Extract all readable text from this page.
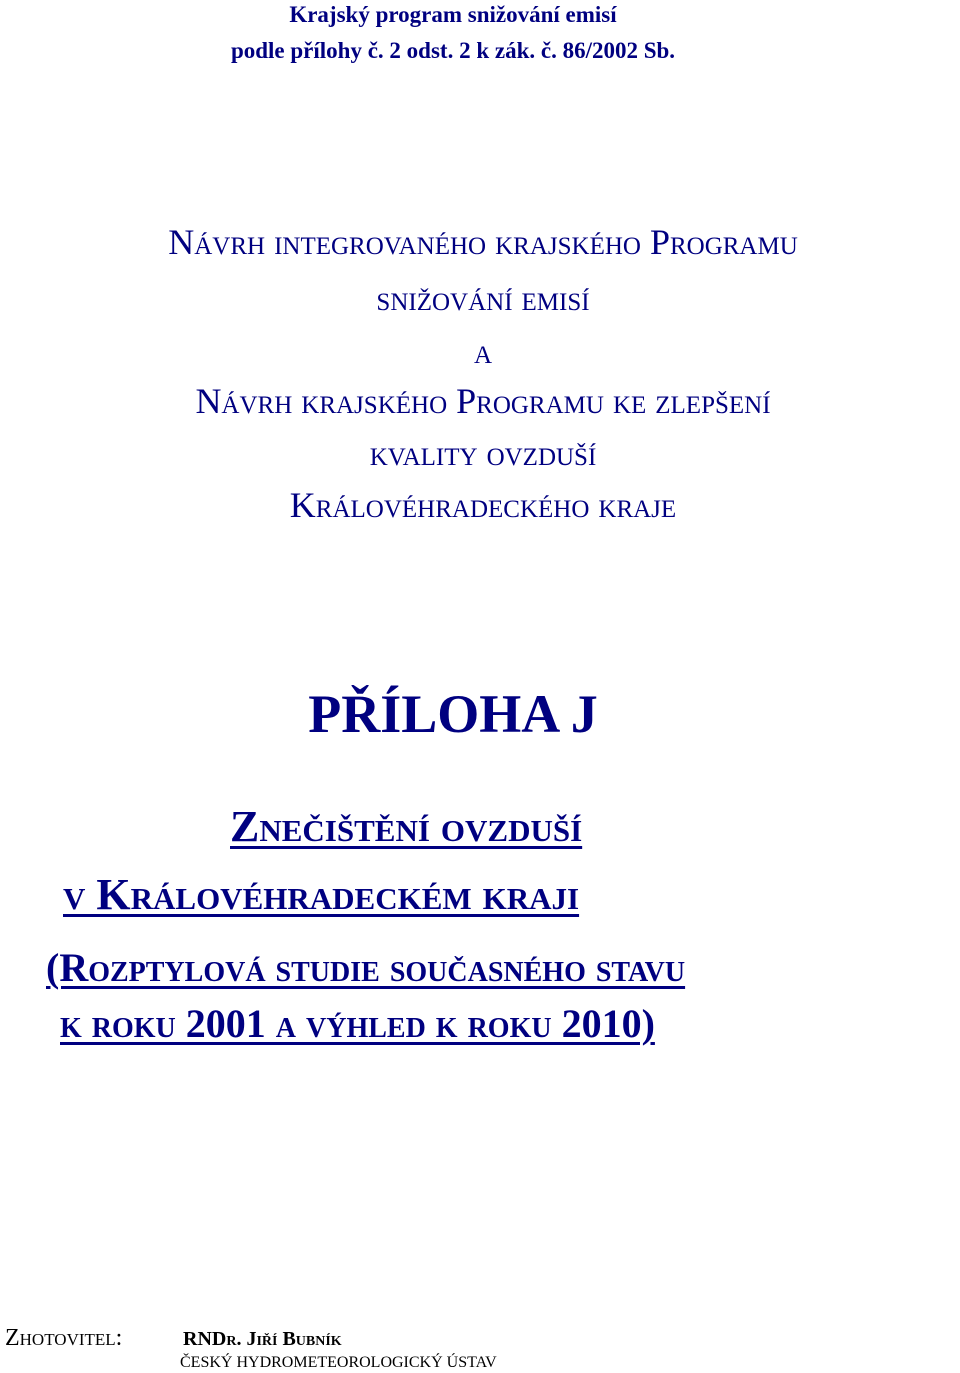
Krajský program snižování emisí
podle přílohy č. 2 odst. 2 k zák. č. 86/2002 Sb.
Návrh integrovaného krajského Programu
snižování emisí
a
Návrh krajského Programu ke zlepšení
kvality ovzduší
Královéhradeckého kraje
PŘÍLOHA J
Znečištění ovzduší
v Královéhradeckém kraji
(Rozptylová studie současného stavu
k roku 2001 a výhled k roku 2010)
Zhotovitel:	RNDr. Jiří Bubník
ČESKÝ HYDROMETEOROLOGICKÝ ÚSTAV
